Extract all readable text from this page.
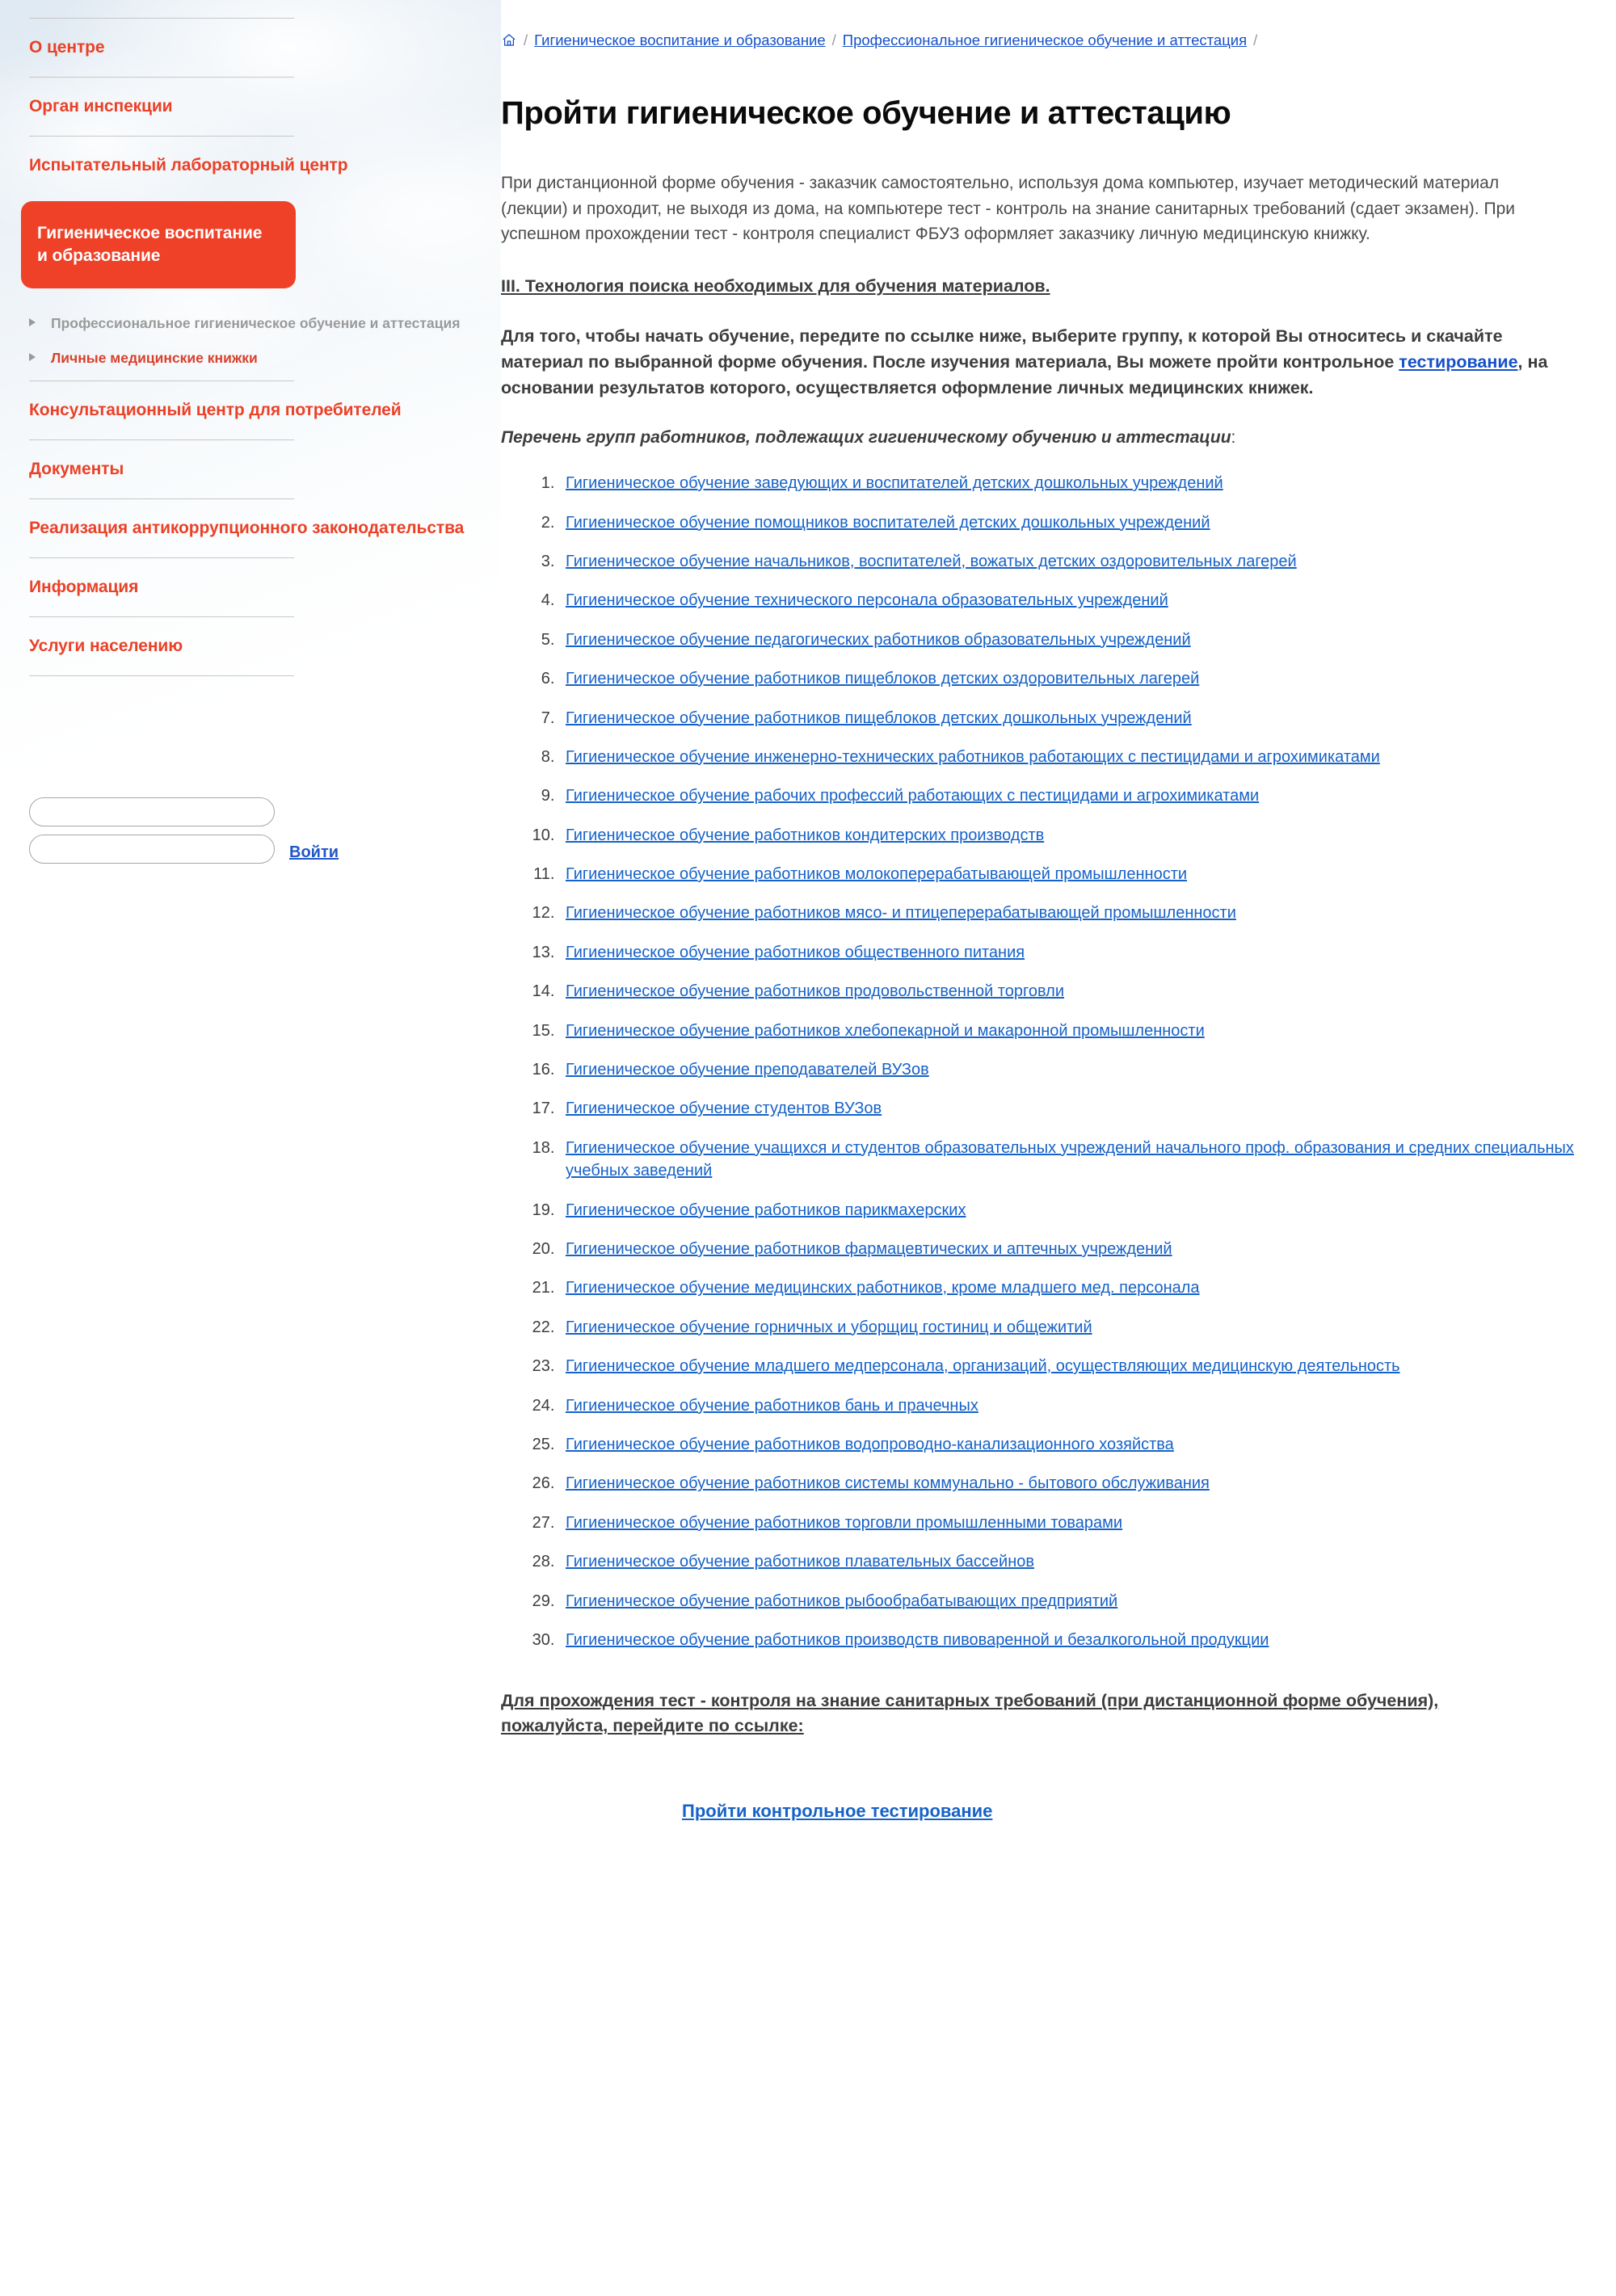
О центре
Орган инспекции
Испытательный лабораторный центр
Гигиеническое воспитание и образование
Профессиональное гигиеническое обучение и аттестация
Личные медицинские книжки
Консультационный центр для потребителей
Документы
Реализация антикоррупционного законодательства
Информация
Услуги населению
Войти
/ Гигиеническое воспитание и образование / Профессиональное гигиеническое обучение и аттестация /
Пройти гигиеническое обучение и аттестацию

При дистанционной форме обучения - заказчик самостоятельно, используя дома компьютер, изучает методический материал (лекции) и проходит, не выходя из дома, на компьютере тест - контроль на знание санитарных требований (сдает экзамен). При успешном прохождении тест - контроля специалист ФБУЗ оформляет заказчику личную медицинскую книжку.

III. Технология поиска необходимых для обучения материалов.

Для того, чтобы начать обучение, передите по ссылке ниже, выберите группу, к которой Вы относитесь и скачайте материал по выбранной форме обучения. После изучения материала, Вы можете пройти контрольное тестирование, на основании результатов которого, осуществляется оформление личных медицинских книжек.

Перечень групп работников, подлежащих гигиеническому обучению и аттестации:

1. Гигиеническое обучение заведующих и воспитателей детских дошкольных учреждений
2. Гигиеническое обучение помощников воспитателей детских дошкольных учреждений
3. Гигиеническое обучение начальников, воспитателей, вожатых детских оздоровительных лагерей
4. Гигиеническое обучение технического персонала образовательных учреждений
5. Гигиеническое обучение педагогических работников образовательных учреждений
6. Гигиеническое обучение работников пищеблоков детских оздоровительных лагерей
7. Гигиеническое обучение работников пищеблоков детских дошкольных учреждений
8. Гигиеническое обучение инженерно-технических работников работающих с пестицидами и агрохимикатами
9. Гигиеническое обучение рабочих профессий работающих с пестицидами и агрохимикатами
10. Гигиеническое обучение работников кондитерских производств
11. Гигиеническое обучение работников молокоперерабатывающей промышленности
12. Гигиеническое обучение работников мясо- и птицеперерабатывающей промышленности
13. Гигиеническое обучение работников общественного питания
14. Гигиеническое обучение работников продовольственной торговли
15. Гигиеническое обучение работников хлебопекарной и макаронной промышленности
16. Гигиеническое обучение преподавателей ВУЗов
17. Гигиеническое обучение студентов ВУЗов
18. Гигиеническое обучение учащихся и студентов образовательных учреждений начального проф. образования и средних специальных учебных заведений
19. Гигиеническое обучение работников парикмахерских
20. Гигиеническое обучение работников фармацевтических и аптечных учреждений
21. Гигиеническое обучение медицинских работников, кроме младшего мед. персонала
22. Гигиеническое обучение горничных и уборщиц гостиниц и общежитий
23. Гигиеническое обучение младшего медперсонала, организаций, осуществляющих медицинскую деятельность
24. Гигиеническое обучение работников бань и прачечных
25. Гигиеническое обучение работников водопроводно-канализационного хозяйства
26. Гигиеническое обучение работников системы коммунально - бытового обслуживания
27. Гигиеническое обучение работников торговли промышленными товарами
28. Гигиеническое обучение работников плавательных бассейнов
29. Гигиеническое обучение работников рыбообрабатывающих предприятий
30. Гигиеническое обучение работников производств пивоваренной и безалкогольной продукции

Для прохождения тест - контроля на знание санитарных требований (при дистанционной форме обучения), пожалуйста, перейдите по ссылке:

Пройти контрольное тестирование
